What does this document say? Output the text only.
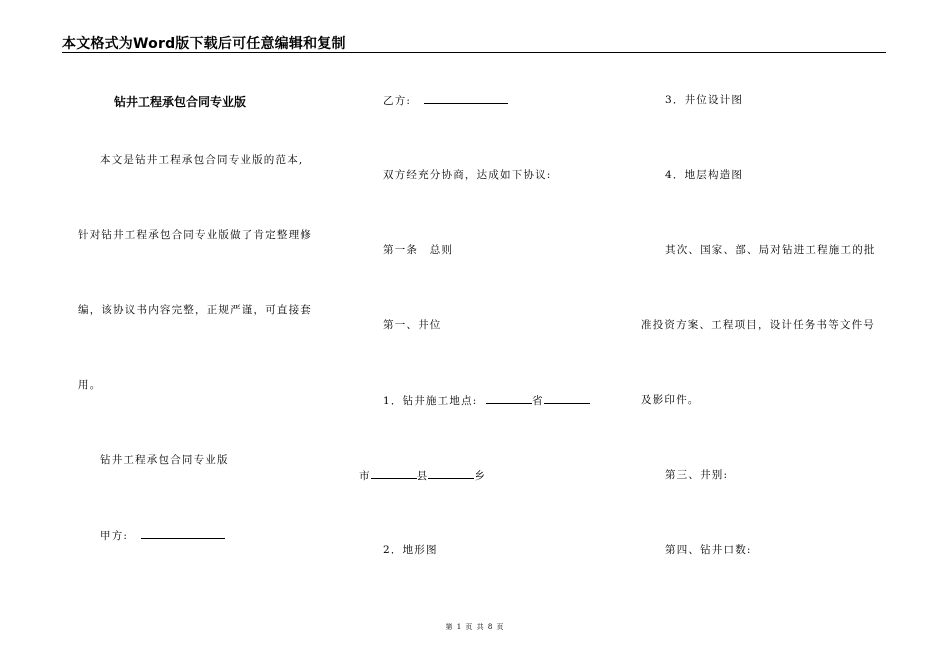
本文格式为Word版下载后可任意编辑和复制
钻井工程承包合同专业版
本文是钻井工程承包合同专业版的范本,
针对钻井工程承包合同专业版做了肯定整理修
编，该协议书内容完整，正规严谨，可直接套
用。
钻井工程承包合同专业版
甲方:
乙方:
双方经充分协商，达成如下协议:
第一条　总则
第一、井位
1．钻井施工地点:	省
市	县	乡
2．地形图
3．井位设计图
4．地层构造图
其次、国家、部、局对钻进工程施工的批
准投资方案、工程项目，设计任务书等文件号
及影印件。
第三、井别:
第四、钻井口数:
第 1 页 共 8 页
